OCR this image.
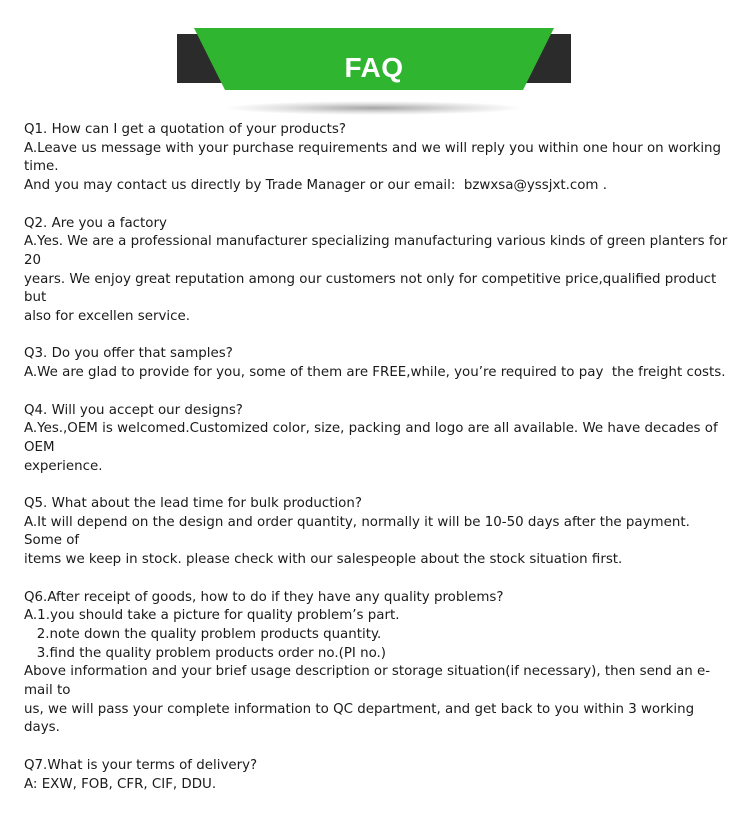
FAQ

Q1. How can I get a quotation of your products?

A.Leave us message with your purchase requirements and we will reply you within one hour on working time.

And you may contact us directly by Trade Manager or our email:  bzwxsa@yssjxt.com .

Q2. Are you a factory

A.Yes. We are a professional manufacturer specializing manufacturing various kinds of green planters for 20

years. We enjoy great reputation among our customers not only for competitive price,qualified product but

also for excellen service.

Q3. Do you offer that samples?

A.We are glad to provide for you, some of them are FREE,while, you’re required to pay  the freight costs.

Q4. Will you accept our designs?

A.Yes.,OEM is welcomed.Customized color, size, packing and logo are all available. We have decades of OEM

experience.

Q5. What about the lead time for bulk production?

A.It will depend on the design and order quantity, normally it will be 10-50 days after the payment. Some of

items we keep in stock. please check with our salespeople about the stock situation first.

Q6.After receipt of goods, how to do if they have any quality problems?

A.1.you should take a picture for quality problem’s part.

2.note down the quality problem products quantity.

3.find the quality problem products order no.(PI no.)

Above information and your brief usage description or storage situation(if necessary), then send an e-mail to

us, we will pass your complete information to QC department, and get back to you within 3 working days.

Q7.What is your terms of delivery?

A: EXW, FOB, CFR, CIF, DDU.
